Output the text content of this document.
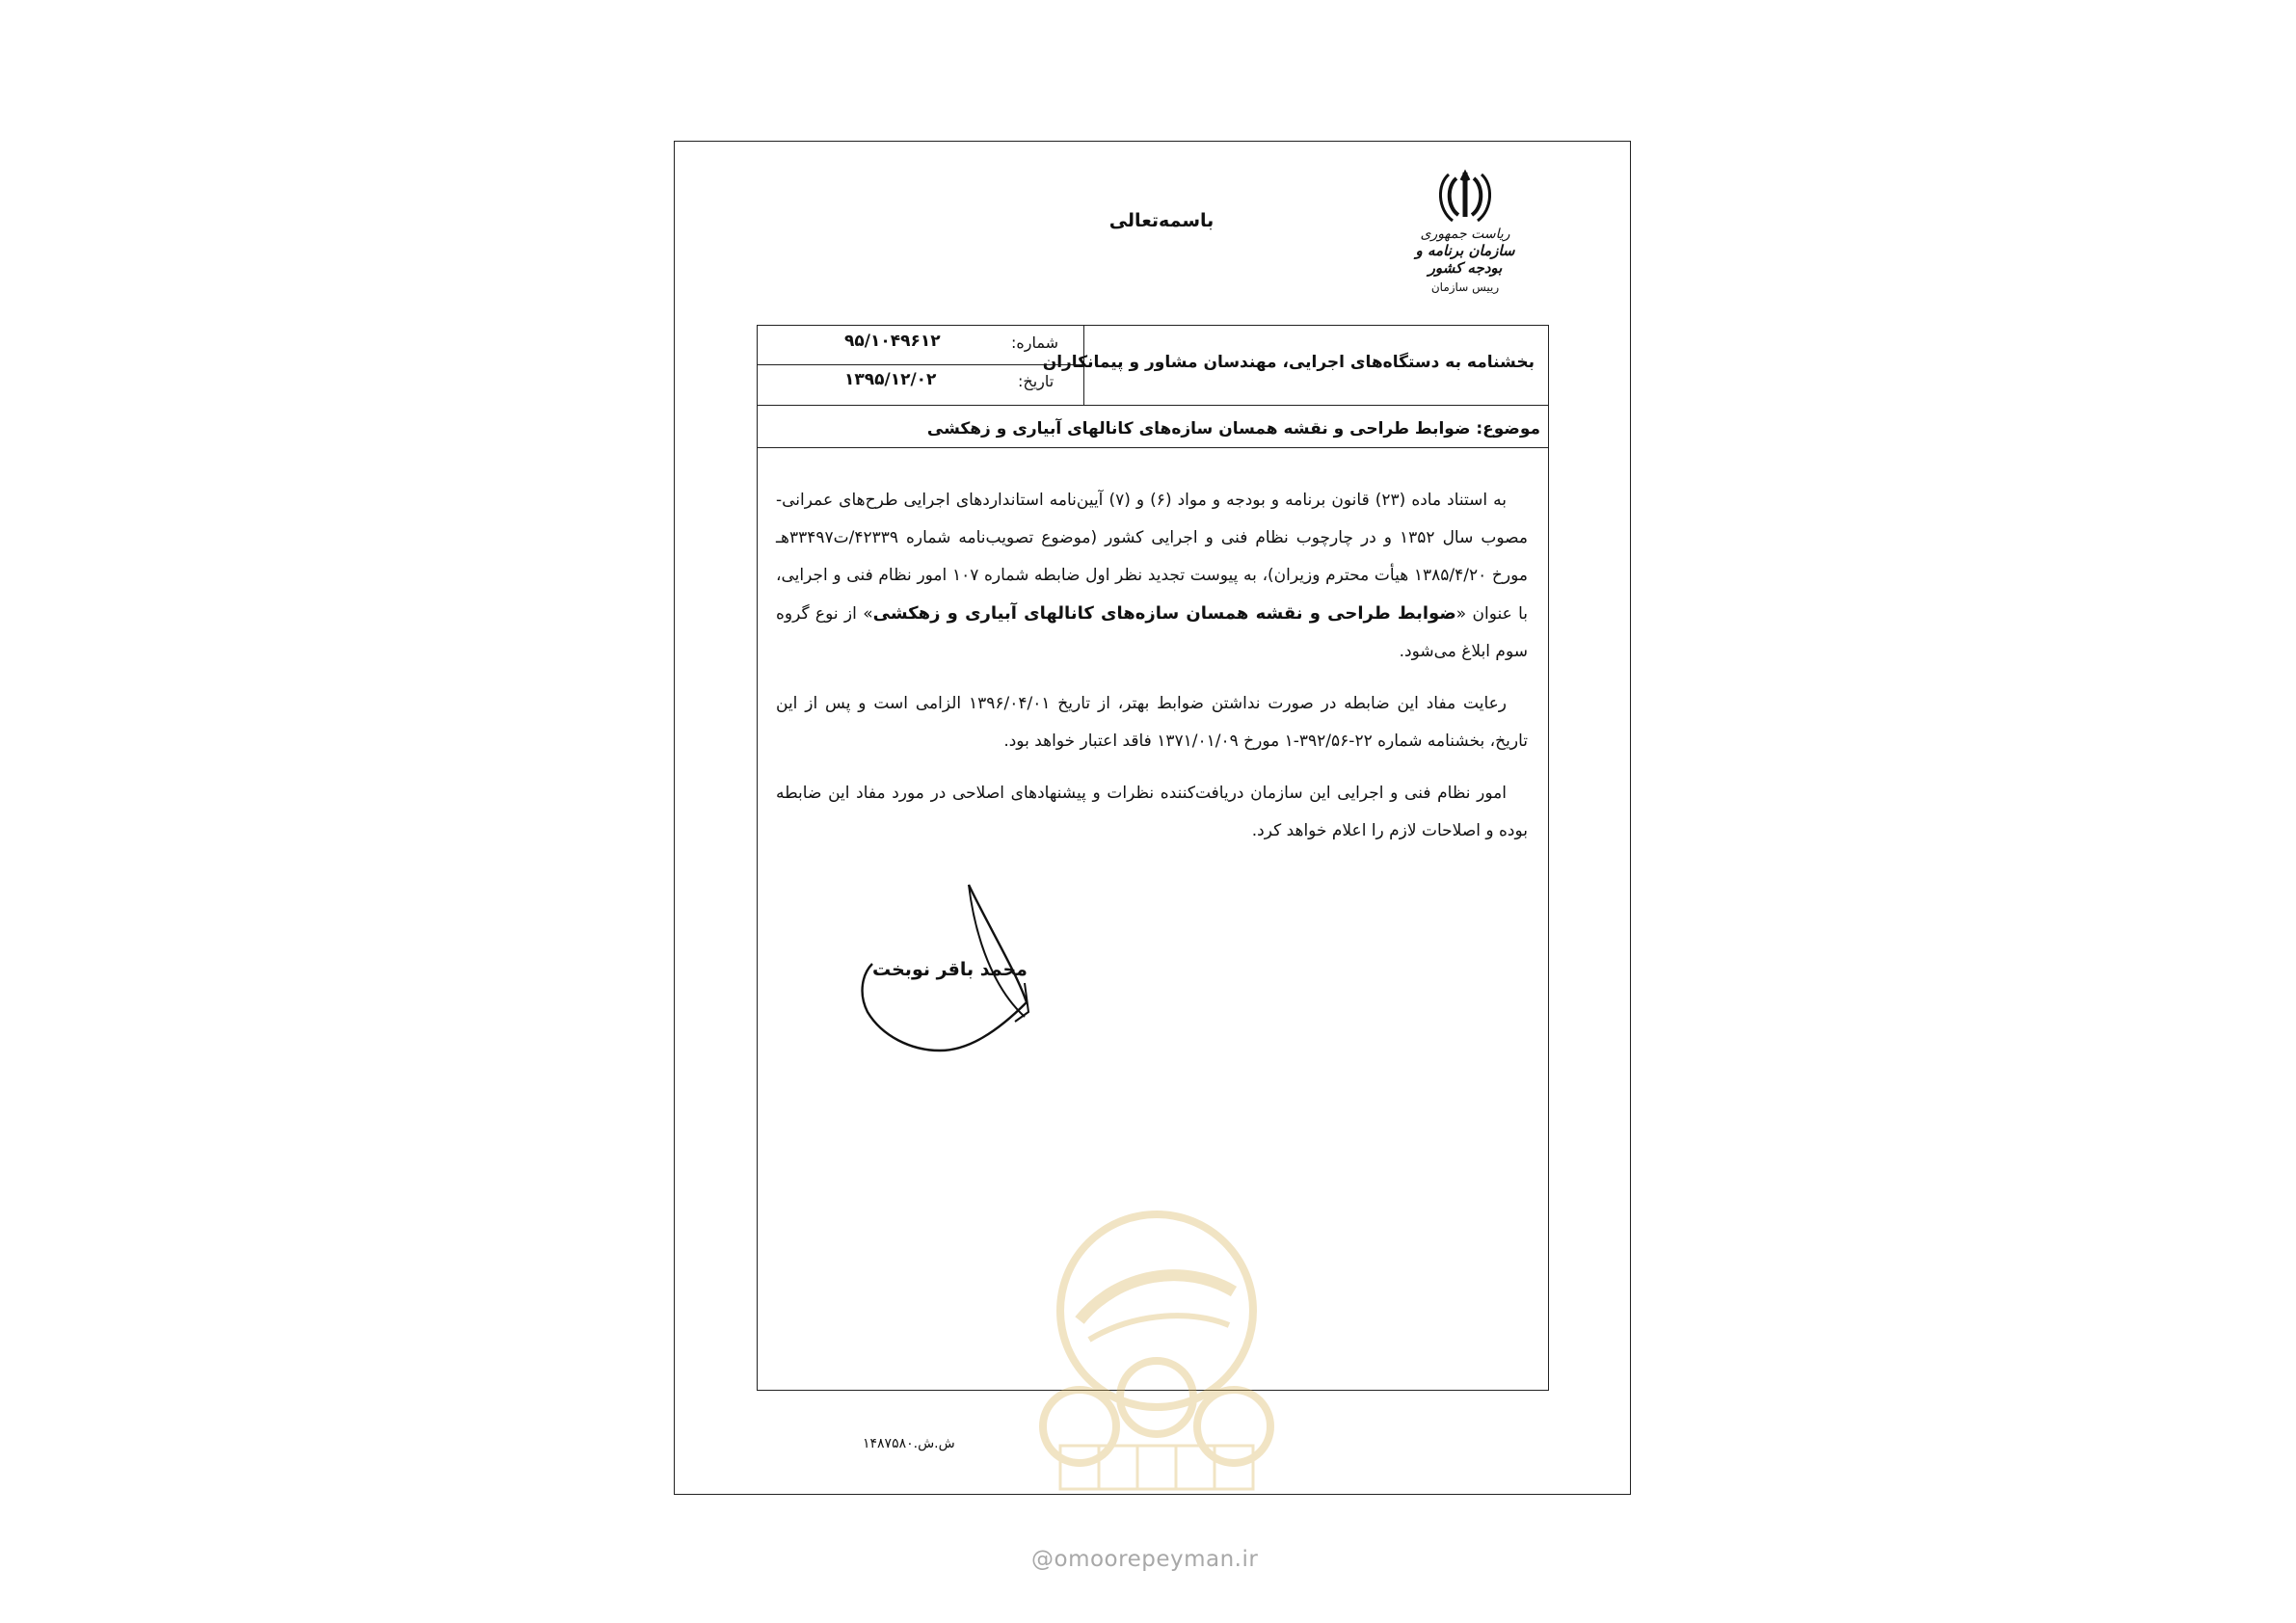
باسمه‌تعالی
ریاست جمهوری
سازمان برنامه و بودجه کشور
رییس سازمان
بخشنامه به دستگاه‌های اجرایی، مهندسان مشاور و پیمانکاران
شماره:
۹۵/۱۰۴۹۶۱۲
تاریخ:
۱۳۹۵/۱۲/۰۲
موضوع: ضوابط طراحی و نقشه همسان سازه‌های کانالهای آبیاری و زهکشی

به استناد ماده (۲۳) قانون برنامه و بودجه و مواد (۶) و (۷) آیین‌نامه استانداردهای اجرایی طرح‌های عمرانی- مصوب سال ۱۳۵۲ و در چارچوب نظام فنی و اجرایی کشور (موضوع تصویب‌نامه شماره ۴۲۳۳۹/ت۳۳۴۹۷هـ مورخ ۱۳۸۵/۴/۲۰ هیأت محترم وزیران)، به پیوست تجدید نظر اول ضابطه شماره ۱۰۷ امور نظام فنی و اجرایی، با عنوان «ضوابط طراحی و نقشه همسان سازه‌های کانالهای آبیاری و زهکشی» از نوع گروه سوم ابلاغ می‌شود.

رعایت مفاد این ضابطه در صورت نداشتن ضوابط بهتر، از تاریخ ۱۳۹۶/۰۴/۰۱ الزامی است و پس از این تاریخ، بخشنامه شماره ۲۲-۳۹۲/۵۶-۱ مورخ ۱۳۷۱/۰۱/۰۹ فاقد اعتبار خواهد بود.

امور نظام فنی و اجرایی این سازمان دریافت‌کننده نظرات و پیشنهادهای اصلاحی در مورد مفاد این ضابطه بوده و اصلاحات لازم را اعلام خواهد کرد.

محمد باقر نوبخت
ش.ش.۱۴۸۷۵۸۰
@omoorepeyman.ir
